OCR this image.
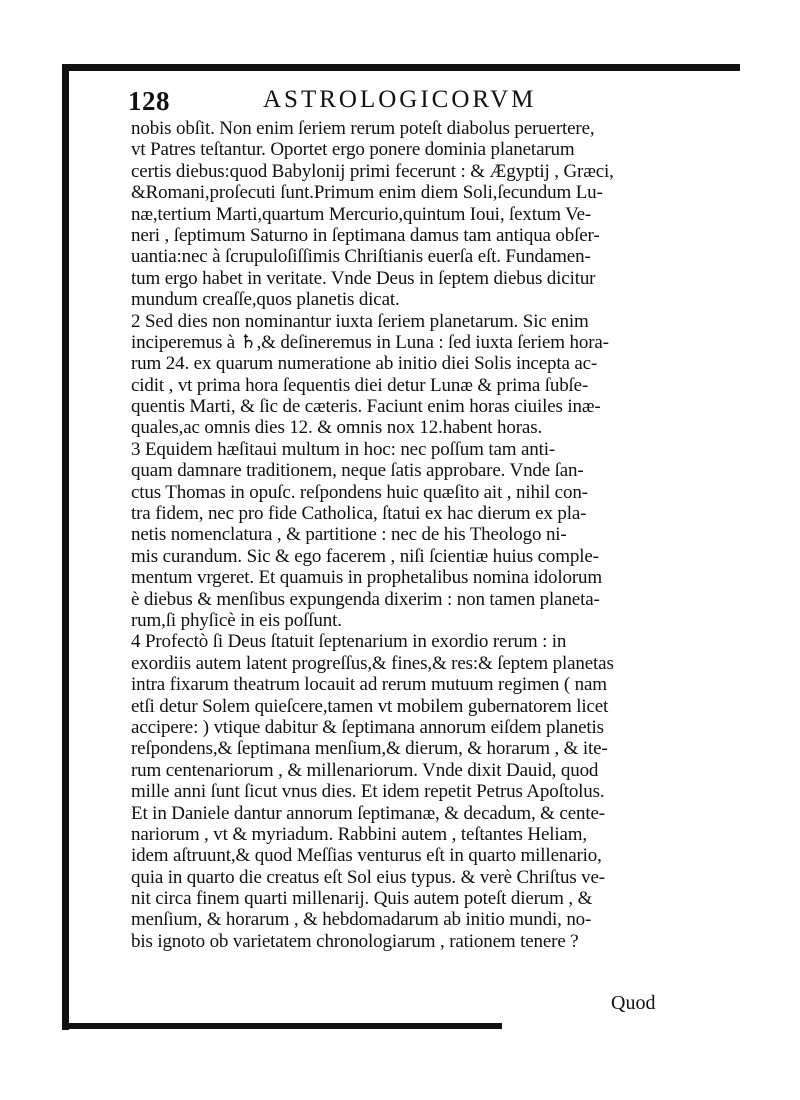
128	ASTROLOGICORVM
nobis obſit. Non enim ſeriem rerum poteſt diabolus peruertere,
vt Patres teſtantur. Oportet ergo ponere dominia planetarum
certis diebus:quod Babylonij primi fecerunt : & Ægyptij , Græci,
&Romani,proſecuti ſunt.Primum enim diem Soli,ſecundum Lu-
næ,tertium Marti,quartum Mercurio,quintum Ioui, ſextum Ve-
neri , ſeptimum Saturno in ſeptimana damus tam antiqua obſer-
uantia:nec à ſcrupuloſiſſimis Chriſtianis euerſa eſt. Fundamen-
tum ergo habet in veritate. Vnde Deus in ſeptem diebus dicitur
mundum creaſſe,quos planetis dicat.
2 Sed dies non nominantur iuxta ſeriem planetarum. Sic enim
inciperemus à ♄,& deſineremus in Luna : ſed iuxta ſeriem hora-
rum 24. ex quarum numeratione ab initio diei Solis incepta ac-
cidit , vt prima hora ſequentis diei detur Lunæ & prima ſubſe-
quentis Marti, & ſic de cæteris. Faciunt enim horas ciuiles inæ-
quales,ac omnis dies 12. & omnis nox 12.habent horas.
3 Equidem hæſitaui multum in hoc: nec poſſum tam anti-
quam damnare traditionem, neque ſatis approbare. Vnde ſan-
ctus Thomas in opuſc. reſpondens huic quæſito ait , nihil con-
tra fidem, nec pro fide Catholica, ſtatui ex hac dierum ex pla-
netis nomenclatura , & partitione : nec de his Theologo ni-
mis curandum. Sic & ego facerem , niſi ſcientiæ huius comple-
mentum vrgeret. Et quamuis in prophetalibus nomina idolorum
è diebus & menſibus expungenda dixerim : non tamen planeta-
rum,ſi phyſicè in eis poſſunt.
4 Profectò ſi Deus ſtatuit ſeptenarium in exordio rerum : in
exordiis autem latent progreſſus,& fines,& res:& ſeptem planetas
intra fixarum theatrum locauit ad rerum mutuum regimen ( nam
etſi detur Solem quieſcere,tamen vt mobilem gubernatorem licet
accipere: ) vtique dabitur & ſeptimana annorum eiſdem planetis
reſpondens,& ſeptimana menſium,& dierum, & horarum , & ite-
rum centenariorum , & millenariorum. Vnde dixit Dauid, quod
mille anni ſunt ſicut vnus dies. Et idem repetit Petrus Apoſtolus.
Et in Daniele dantur annorum ſeptimanæ, & decadum, & cente-
nariorum , vt & myriadum. Rabbini autem , teſtantes Heliam,
idem aſtruunt,& quod Meſſias venturus eſt in quarto millenario,
quia in quarto die creatus eſt Sol eius typus. & verè Chriſtus ve-
nit circa finem quarti millenarij. Quis autem poteſt dierum , &
menſium, & horarum , & hebdomadarum ab initio mundi, no-
bis ignoto ob varietatem chronologiarum , rationem tenere ?
Quod
